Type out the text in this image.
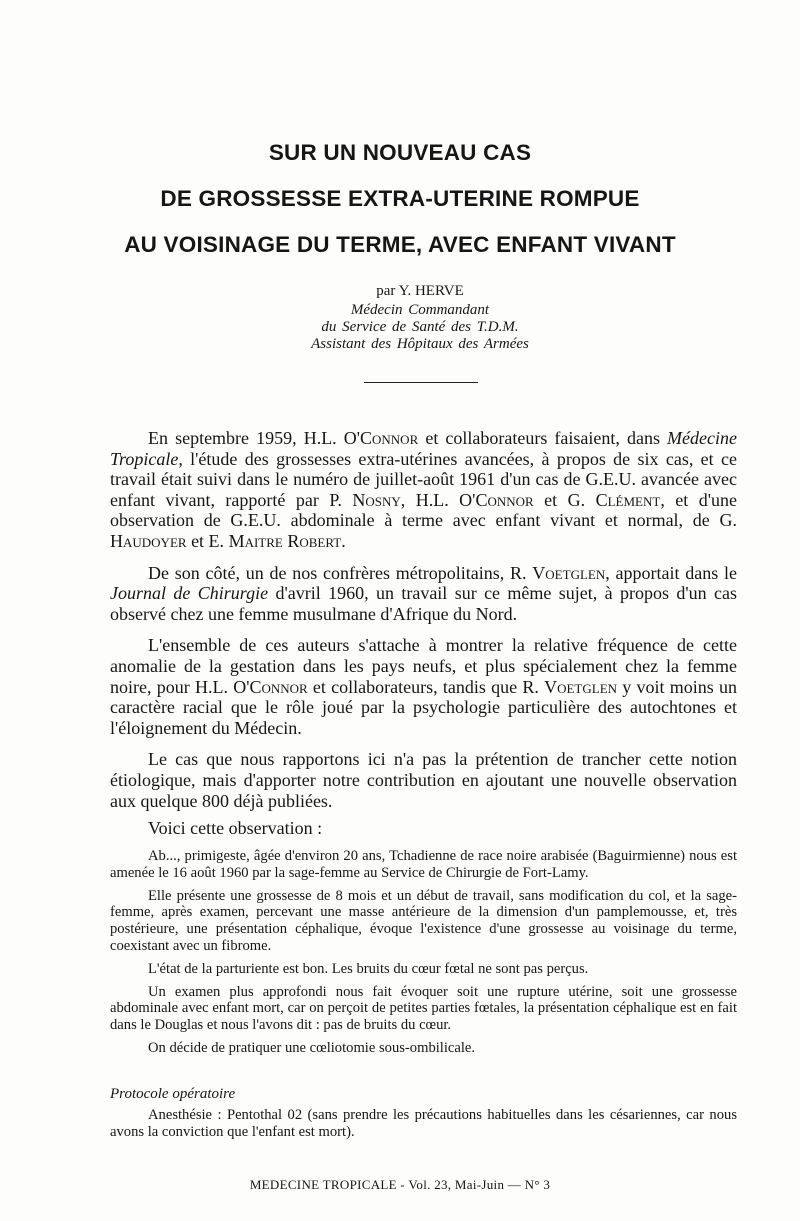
SUR UN NOUVEAU CAS
DE GROSSESSE EXTRA-UTERINE ROMPUE
AU VOISINAGE DU TERME, AVEC ENFANT VIVANT
par Y. HERVE
Médecin Commandant
du Service de Santé des T.D.M.
Assistant des Hôpitaux des Armées

En septembre 1959, H.L. O'Connor et collaborateurs faisaient, dans Médecine Tropicale, l'étude des grossesses extra-utérines avancées, à propos de six cas, et ce travail était suivi dans le numéro de juillet-août 1961 d'un cas de G.E.U. avancée avec enfant vivant, rapporté par P. Nosny, H.L. O'Connor et G. Clément, et d'une observation de G.E.U. abdominale à terme avec enfant vivant et normal, de G. Haudoyer et E. Maitre Robert.

De son côté, un de nos confrères métropolitains, R. Voetglen, apportait dans le Journal de Chirurgie d'avril 1960, un travail sur ce même sujet, à propos d'un cas observé chez une femme musulmane d'Afrique du Nord.

L'ensemble de ces auteurs s'attache à montrer la relative fréquence de cette anomalie de la gestation dans les pays neufs, et plus spécialement chez la femme noire, pour H.L. O'Connor et collaborateurs, tandis que R. Voetglen y voit moins un caractère racial que le rôle joué par la psychologie particulière des autochtones et l'éloignement du Médecin.

Le cas que nous rapportons ici n'a pas la prétention de trancher cette notion étiologique, mais d'apporter notre contribution en ajoutant une nouvelle observation aux quelque 800 déjà publiées.

Voici cette observation :

Ab..., primigeste, âgée d'environ 20 ans, Tchadienne de race noire arabisée (Baguirmienne) nous est amenée le 16 août 1960 par la sage-femme au Service de Chirurgie de Fort-Lamy.

Elle présente une grossesse de 8 mois et un début de travail, sans modification du col, et la sage-femme, après examen, percevant une masse antérieure de la dimension d'un pamplemousse, et, très postérieure, une présentation céphalique, évoque l'existence d'une grossesse au voisinage du terme, coexistant avec un fibrome.

L'état de la parturiente est bon. Les bruits du cœur fœtal ne sont pas perçus.

Un examen plus approfondi nous fait évoquer soit une rupture utérine, soit une grossesse abdominale avec enfant mort, car on perçoit de petites parties fœtales, la présentation céphalique est en fait dans le Douglas et nous l'avons dit : pas de bruits du cœur.

On décide de pratiquer une cœliotomie sous-ombilicale.

Protocole opératoire

Anesthésie : Pentothal 02 (sans prendre les précautions habituelles dans les césariennes, car nous avons la conviction que l'enfant est mort).

MEDECINE TROPICALE - Vol. 23, Mai-Juin — N° 3
